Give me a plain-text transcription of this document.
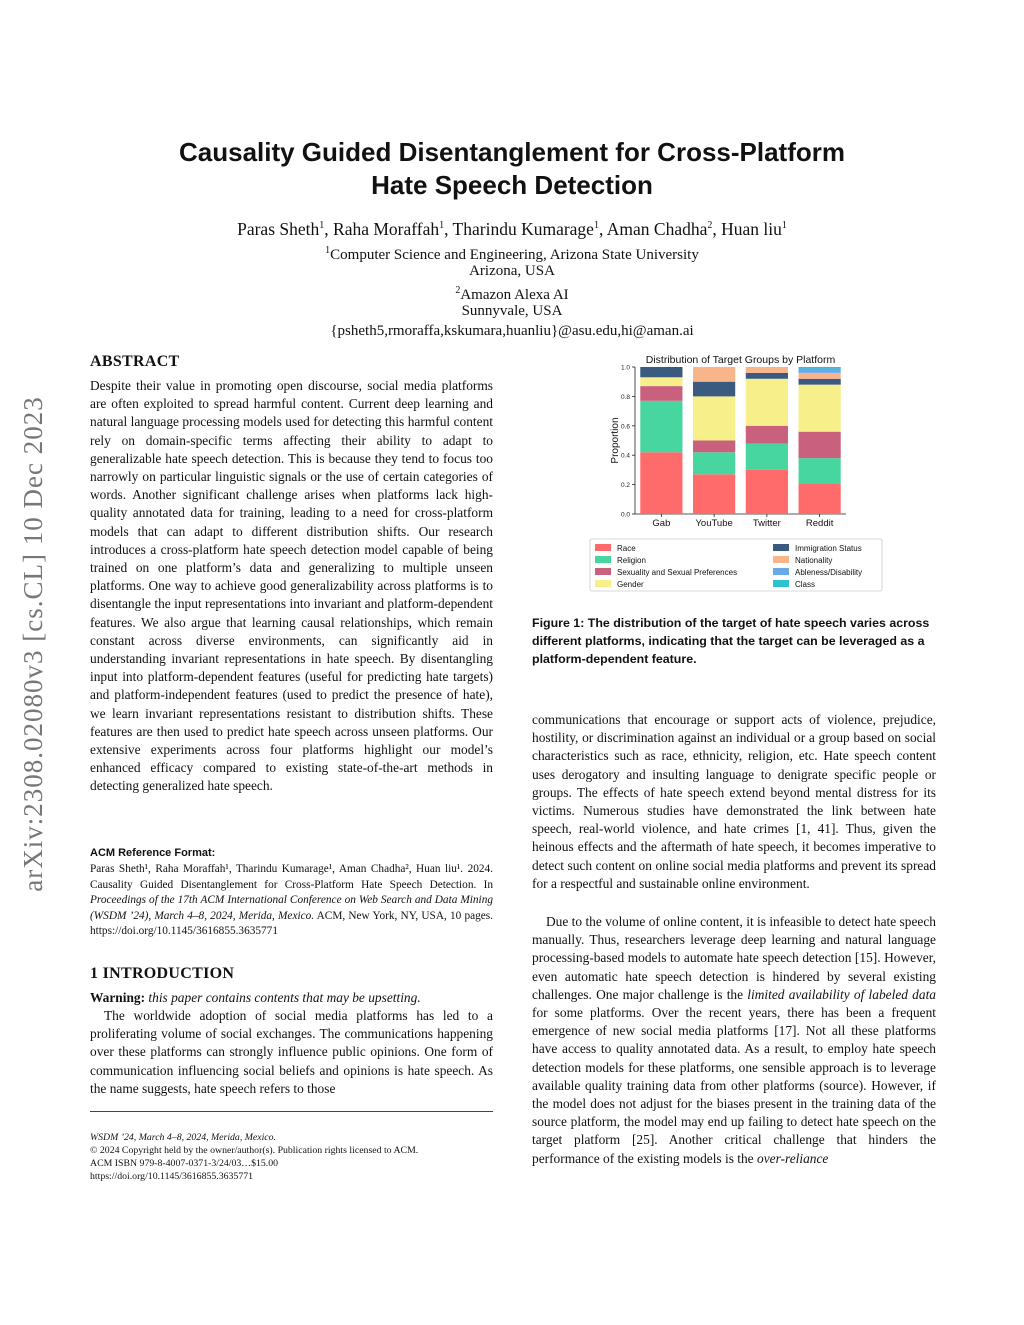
arXiv:2308.02080v3 [cs.CL] 10 Dec 2023
Causality Guided Disentanglement for Cross-Platform
Hate Speech Detection
Paras Sheth$^1$, Raha Moraffah$^1$, Tharindu Kumarage$^1$, Aman Chadha$^2$, Huan liu$^1$
$^1$Computer Science and Engineering, Arizona State University
Arizona, USA
$^2$Amazon Alexa AI
Sunnyvale, USA
{psheth5,rmoraffa,kskumara,huanliu}@asu.edu,hi@aman.ai
ABSTRACT
Despite their value in promoting open discourse, social media platforms are often exploited to spread harmful content. Current deep learning and natural language processing models used for detecting this harmful content rely on domain-specific terms affecting their ability to adapt to generalizable hate speech detection. This is because they tend to focus too narrowly on particular linguistic signals or the use of certain categories of words. Another significant challenge arises when platforms lack high-quality annotated data for training, leading to a need for cross-platform models that can adapt to different distribution shifts. Our research introduces a cross-platform hate speech detection model capable of being trained on one platform’s data and generalizing to multiple unseen platforms. One way to achieve good generalizability across platforms is to disentangle the input representations into invariant and platform-dependent features. We also argue that learning causal relationships, which remain constant across diverse environments, can significantly aid in understanding invariant representations in hate speech. By disentangling input into platform-dependent features (useful for predicting hate targets) and platform-independent features (used to predict the presence of hate), we learn invariant representations resistant to distribution shifts. These features are then used to predict hate speech across unseen platforms. Our extensive experiments across four platforms highlight our model’s enhanced efficacy compared to existing state-of-the-art methods in detecting generalized hate speech.
ACM Reference Format:
Paras Sheth¹, Raha Moraffah¹, Tharindu Kumarage¹, Aman Chadha², Huan liu¹. 2024. Causality Guided Disentanglement for Cross-Platform Hate Speech Detection. In Proceedings of the 17th ACM International Conference on Web Search and Data Mining (WSDM ’24), March 4–8, 2024, Merida, Mexico. ACM, New York, NY, USA, 10 pages. https://doi.org/10.1145/3616855.3635771
1 INTRODUCTION
Warning: this paper contains contents that may be upsetting.
The worldwide adoption of social media platforms has led to a proliferating volume of social exchanges. The communications happening over these platforms can strongly influence public opinions. One form of communication influencing social beliefs and opinions is hate speech. As the name suggests, hate speech refers to those
WSDM ’24, March 4–8, 2024, Merida, Mexico.
© 2024 Copyright held by the owner/author(s). Publication rights licensed to ACM.
ACM ISBN 979-8-4007-0371-3/24/03…$15.00
https://doi.org/10.1145/3616855.3635771
Distribution of Target Groups by Platform
0.0
0.2
0.4
0.6
0.8
1.0
Proportion
Gab	YouTube Twitter	Reddit
Race
Religion
Sexuality and Sexual Preferences
Gender
Immigration Status
Nationality
Ableness/Disability
Class
Figure 1: The distribution of the target of hate speech varies across different platforms, indicating that the target can be leveraged as a platform-dependent feature.
communications that encourage or support acts of violence, prejudice, hostility, or discrimination against an individual or a group based on social characteristics such as race, ethnicity, religion, etc. Hate speech content uses derogatory and insulting language to denigrate specific people or groups. The effects of hate speech extend beyond mental distress for its victims. Numerous studies have demonstrated the link between hate speech, real-world violence, and hate crimes [1, 41]. Thus, given the heinous effects and the aftermath of hate speech, it becomes imperative to detect such content on online social media platforms and prevent its spread for a respectful and sustainable online environment.
Due to the volume of online content, it is infeasible to detect hate speech manually. Thus, researchers leverage deep learning and natural language processing-based models to automate hate speech detection [15]. However, even automatic hate speech detection is hindered by several existing challenges. One major challenge is the limited availability of labeled data for some platforms. Over the recent years, there has been a frequent emergence of new social media platforms [17]. Not all these platforms have access to quality annotated data. As a result, to employ hate speech detection models for these platforms, one sensible approach is to leverage available quality training data from other platforms (source). However, if the model does not adjust for the biases present in the training data of the source platform, the model may end up failing to detect hate speech on the target platform [25]. Another critical challenge that hinders the performance of the existing models is the over-reliance
